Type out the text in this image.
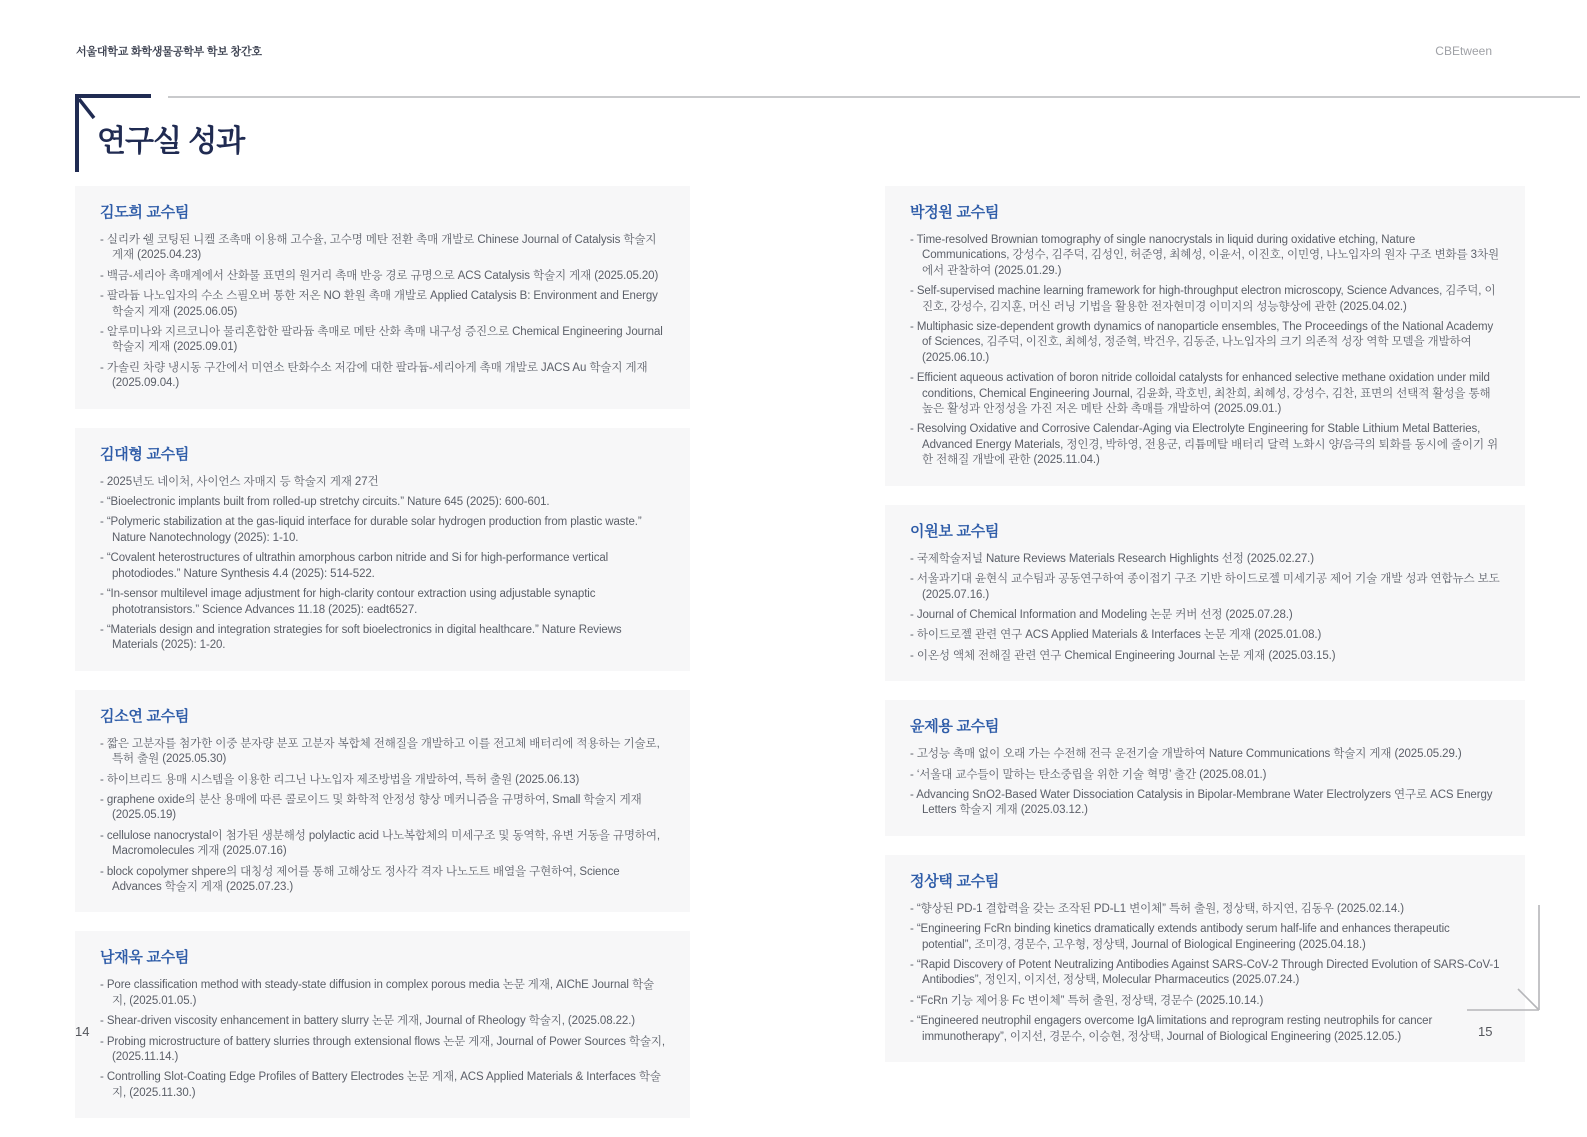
서울대학교 화학생물공학부 학보 창간호	CBEtween
연구실 성과
김도희 교수팀
- 실리카 쉘 코팅된 니켈 조촉매 이용해 고수율, 고수명 메탄 전환 촉매 개발로 Chinese Journal of Catalysis 학술지 게재 (2025.04.23)
- 백금-세리아 촉매계에서 산화물 표면의 원거리 촉매 반응 경로 규명으로 ACS Catalysis 학술지 게재 (2025.05.20)
- 팔라듐 나노입자의 수소 스필오버 통한 저온 NO 환원 촉매 개발로 Applied Catalysis B: Environment and Energy 학술지 게재 (2025.06.05)
- 알루미나와 지르코니아 물리혼합한 팔라듐 촉매로 메탄 산화 촉매 내구성 증진으로 Chemical Engineering Journal 학술지 게재 (2025.09.01)
- 가솔린 차량 냉시동 구간에서 미연소 탄화수소 저감에 대한 팔라듐-세리아게 촉매 개발로 JACS Au 학술지 게재 (2025.09.04.)
김대형 교수팀
- 2025년도 네이처, 사이언스 자매지 등 학술지 게재 27건
- “Bioelectronic implants built from rolled-up stretchy circuits.” Nature 645 (2025): 600-601.
- “Polymeric stabilization at the gas-liquid interface for durable solar hydrogen production from plastic waste.” Nature Nanotechnology (2025): 1-10.
- “Covalent heterostructures of ultrathin amorphous carbon nitride and Si for high-performance vertical photodiodes.” Nature Synthesis 4.4 (2025): 514-522.
- “In-sensor multilevel image adjustment for high-clarity contour extraction using adjustable synaptic phototransistors.” Science Advances 11.18 (2025): eadt6527.
- “Materials design and integration strategies for soft bioelectronics in digital healthcare.” Nature Reviews Materials (2025): 1-20.
김소연 교수팀
- 짧은 고분자를 첨가한 이중 분자량 분포 고분자 복합체 전해질을 개발하고 이를 전고체 배터리에 적용하는 기술로, 특허 출원 (2025.05.30)
- 하이브리드 용매 시스템을 이용한 리그닌 나노입자 제조방법을 개발하여, 특허 출원 (2025.06.13)
- graphene oxide의 분산 용매에 따른 콜로이드 및 화학적 안정성 향상 메커니즘을 규명하여, Small 학술지 게재 (2025.05.19)
- cellulose nanocrystal이 첨가된 생분해성 polylactic acid 나노복합체의 미세구조 및 동역학, 유변 거동을 규명하여, Macromolecules 게재 (2025.07.16)
- block copolymer shpere의 대칭성 제어를 통해 고해상도 정사각 격자 나노도트 배열을 구현하여, Science Advances 학술지 게재 (2025.07.23.)
남재욱 교수팀
- Pore classification method with steady-state diffusion in complex porous media 논문 게재, AIChE Journal 학술지, (2025.01.05.)
- Shear-driven viscosity enhancement in battery slurry 논문 게재, Journal of Rheology 학술지, (2025.08.22.)
- Probing microstructure of battery slurries through extensional flows 논문 게재, Journal of Power Sources 학술지, (2025.11.14.)
- Controlling Slot-Coating Edge Profiles of Battery Electrodes 논문 게재, ACS Applied Materials & Interfaces 학술지, (2025.11.30.)
박정원 교수팀
- Time-resolved Brownian tomography of single nanocrystals in liquid during oxidative etching, Nature Communications, 강성수, 김주덕, 김성인, 허준영, 최혜성, 이윤서, 이진호, 이민영, 나노입자의 원자 구조 변화를 3차원에서 관찰하여 (2025.01.29.)
- Self-supervised machine learning framework for high-throughput electron microscopy, Science Advances, 김주덕, 이진호, 강성수, 김지훈, 머신 러닝 기법을 활용한 전자현미경 이미지의 성능향상에 관한 (2025.04.02.)
- Multiphasic size-dependent growth dynamics of nanoparticle ensembles, The Proceedings of the National Academy of Sciences, 김주덕, 이진호, 최혜성, 정준혁, 박건우, 김동준, 나노입자의 크기 의존적 성장 역학 모델을 개발하여 (2025.06.10.)
- Efficient aqueous activation of boron nitride colloidal catalysts for enhanced selective methane oxidation under mild conditions, Chemical Engineering Journal, 김윤화, 곽호빈, 최찬희, 최혜성, 강성수, 김찬, 표면의 선택적 활성을 통해 높은 활성과 안정성을 가진 저온 메탄 산화 촉매를 개발하여 (2025.09.01.)
- Resolving Oxidative and Corrosive Calendar-Aging via Electrolyte Engineering for Stable Lithium Metal Batteries, Advanced Energy Materials, 정인경, 박하영, 전용군, 리튬메탈 배터리 달력 노화시 양/음극의 퇴화를 동시에 줄이기 위한 전해질 개발에 관한 (2025.11.04.)
이원보 교수팀
- 국제학술저널 Nature Reviews Materials Research Highlights 선정 (2025.02.27.)
- 서울과기대 윤현식 교수팀과 공동연구하여 종이접기 구조 기반 하이드로젤 미세기공 제어 기술 개발 성과 연합뉴스 보도 (2025.07.16.)
- Journal of Chemical Information and Modeling 논문 커버 선정 (2025.07.28.)
- 하이드로젤 관련 연구 ACS Applied Materials & Interfaces 논문 게재 (2025.01.08.)
- 이온성 액체 전해질 관련 연구 Chemical Engineering Journal 논문 게재 (2025.03.15.)
윤제용 교수팀
- 고성능 촉매 없이 오래 가는 수전해 전극 운전기술 개발하여 Nature Communications 학술지 게재 (2025.05.29.)
- ‘서울대 교수들이 말하는 탄소중립을 위한 기술 혁명’ 출간 (2025.08.01.)
- Advancing SnO2-Based Water Dissociation Catalysis in Bipolar-Membrane Water Electrolyzers 연구로 ACS Energy Letters 학술지 게재 (2025.03.12.)
정상택 교수팀
- “향상된 PD-1 결합력을 갖는 조작된 PD-L1 변이체” 특허 출원, 정상택, 하지연, 김동우 (2025.02.14.)
- “Engineering FcRn binding kinetics dramatically extends antibody serum half-life and enhances therapeutic potential”, 조미경, 경문수, 고우형, 정상택, Journal of Biological Engineering (2025.04.18.)
- “Rapid Discovery of Potent Neutralizing Antibodies Against SARS-CoV-2 Through Directed Evolution of SARS-CoV-1 Antibodies”, 정인지, 이지선, 정상택, Molecular Pharmaceutics (2025.07.24.)
- “FcRn 기능 제어용 Fc 변이체” 특허 출원, 정상택, 경문수 (2025.10.14.)
- “Engineered neutrophil engagers overcome IgA limitations and reprogram resting neutrophils for cancer immunotherapy”, 이지선, 경문수, 이승현, 정상택, Journal of Biological Engineering (2025.12.05.)
14	15
